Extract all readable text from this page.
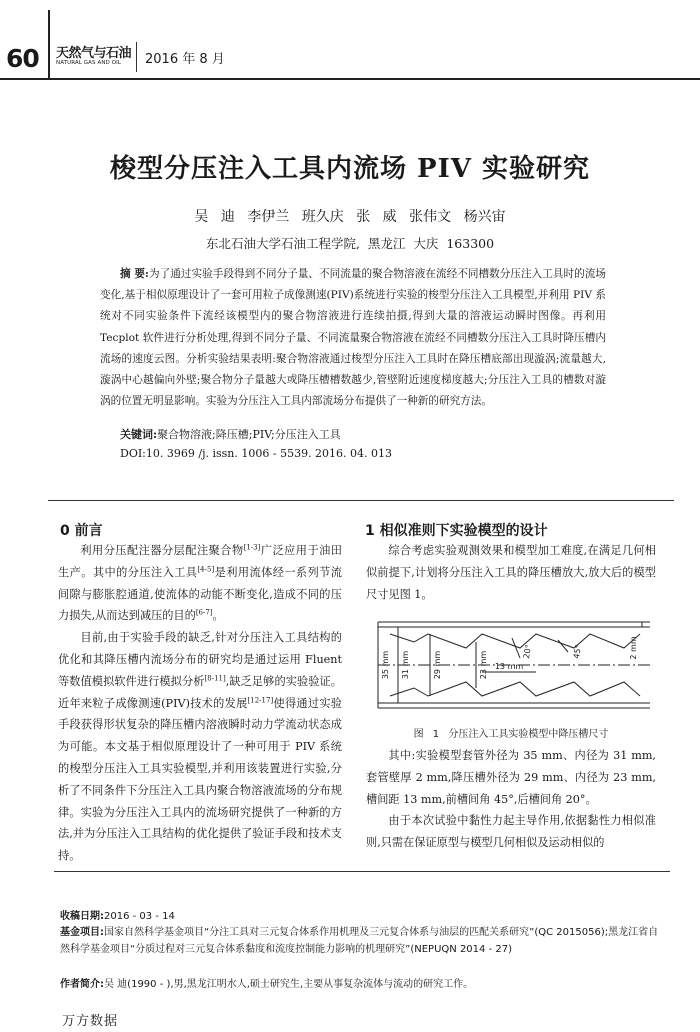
60 天然气与石油
NATURAL GAS AND OIL 2016 年 8 月
梭型分压注入工具内流场 PIV 实验研究
吴 迪 李伊兰 班久庆 张 威 张伟文 杨兴宙
东北石油大学石油工程学院, 黑龙江 大庆 163300
摘 要:为了通过实验手段得到不同分子量、不同流量的聚合物溶液在流经不同槽数分压注入工具时的流场变化,基于相似原理设计了一套可用粒子成像测速(PIV)系统进行实验的梭型分压注入工具模型,并利用 PIV 系统对不同实验条件下流经该模型内的聚合物溶液进行连续拍摄,得到大量的溶液运动瞬时图像。再利用 Tecplot 软件进行分析处理,得到不同分子量、不同流量聚合物溶液在流经不同槽数分压注入工具时降压槽内流场的速度云图。分析实验结果表明:聚合物溶液通过梭型分压注入工具时在降压槽底部出现漩涡;流量越大,漩涡中心越偏向外壁;聚合物分子量越大或降压槽槽数越少,管壁附近速度梯度越大;分压注入工具的槽数对漩涡的位置无明显影响。实验为分压注入工具内部流场分布提供了一种新的研究方法。
关键词:聚合物溶液;降压槽;PIV;分压注入工具
DOI:10. 3969 /j. issn. 1006 - 5539. 2016. 04. 013
0 前言	1 相似准则下实验模型的设计

利用分压配注器分层配注聚合物[1-3]广泛应用于油田生产。其中的分压注入工具[4-5]是利用流体经一系列节流间隙与膨胀腔通道,使流体的动能不断变化,造成不同的压力损失,从而达到减压的目的[6-7]。

目前,由于实验手段的缺乏,针对分压注入工具结构的优化和其降压槽内流场分布的研究均是通过运用 Fluent 等数值模拟软件进行模拟分析[8-11],缺乏足够的实验验证。近年来粒子成像测速(PIV)技术的发展[12-17]使得通过实验手段获得形状复杂的降压槽内溶液瞬时动力学流动状态成为可能。本文基于相似原理设计了一种可用于 PIV 系统的梭型分压注入工具实验模型,并利用该装置进行实验,分析了不同条件下分压注入工具内聚合物溶液流场的分布规律。实验为分压注入工具内的流场研究提供了一种新的方法,并为分压注入工具结构的优化提供了验证手段和技术支持。

综合考虑实验观测效果和模型加工难度,在满足几何相似前提下,计划将分压注入工具的降压槽放大,放大后的模型尺寸见图 1。

35 mm 31 mm	29 mm	23 mm 13 mm
2 mm
20°	45°
图 1 分压注入工具实验模型中降压槽尺寸

其中:实验模型套管外径为 35 mm、内径为 31 mm,套管壁厚 2 mm,降压槽外径为 29 mm、内径为 23 mm,槽间距 13 mm,前槽间角 45°,后槽间角 20°。

由于本次试验中黏性力起主导作用,依据黏性力相似准则,只需在保证原型与模型几何相似及运动相似的

收稿日期:2016 - 03 - 14
基金项目:国家自然科学基金项目“分注工具对三元复合体系作用机理及三元复合体系与油层的匹配关系研究”(QC 2015056);黑龙江省自然科学基金项目“分质过程对三元复合体系黏度和流度控制能力影响的机理研究”(NEPUQN 2014 - 27)
作者简介:吴 迪(1990 - ),男,黑龙江明水人,硕士研究生,主要从事复杂流体与流动的研究工作。
万方数据
